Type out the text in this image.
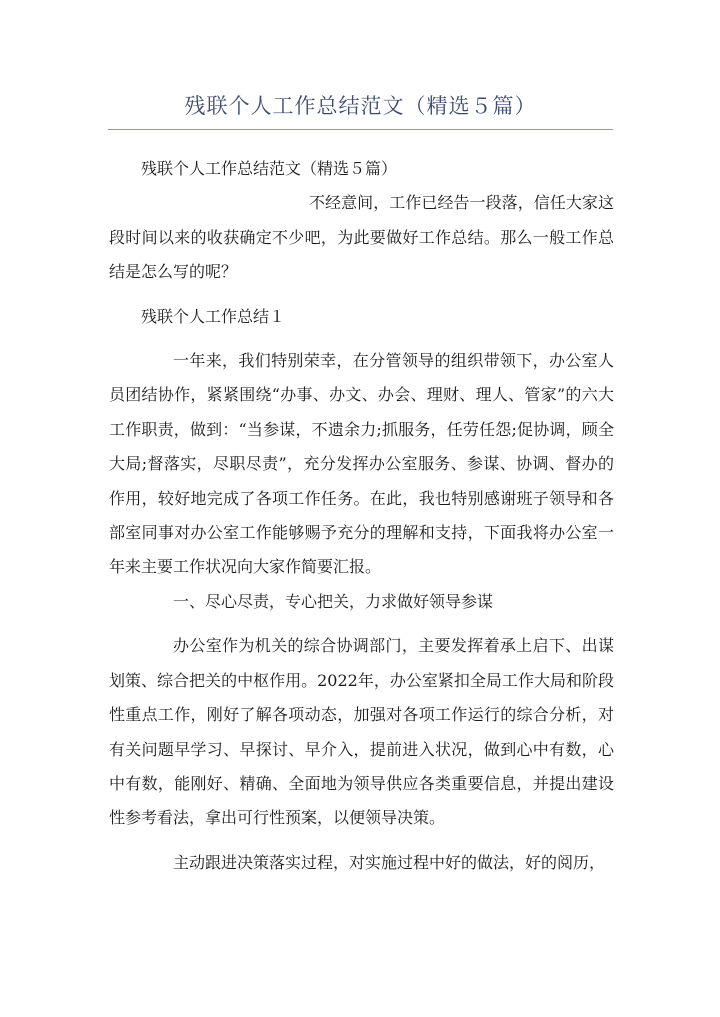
残联个人工作总结范文（精选５篇）

残联个人工作总结范文（精选５篇）

不经意间，工作已经告一段落，信任大家这段时间以来的收获确定不少吧，为此要做好工作总结。那么一般工作总结是怎么写的呢？

残联个人工作总结１

一年来，我们特别荣幸，在分管领导的组织带领下，办公室人员团结协作，紧紧围绕“办事、办文、办会、理财、理人、管家”的六大工作职责，做到：“当参谋，不遗余力;抓服务，任劳任怨;促协调，顾全大局;督落实，尽职尽责”，充分发挥办公室服务、参谋、协调、督办的作用，较好地完成了各项工作任务。在此，我也特别感谢班子领导和各部室同事对办公室工作能够赐予充分的理解和支持，下面我将办公室一年来主要工作状况向大家作简要汇报。

一、尽心尽责，专心把关，力求做好领导参谋

办公室作为机关的综合协调部门，主要发挥着承上启下、出谋划策、综合把关的中枢作用。2022年，办公室紧扣全局工作大局和阶段性重点工作，刚好了解各项动态，加强对各项工作运行的综合分析，对有关问题早学习、早探讨、早介入，提前进入状况，做到心中有数，心中有数，能刚好、精确、全面地为领导供应各类重要信息，并提出建设性参考看法，拿出可行性预案，以便领导决策。

主动跟进决策落实过程，对实施过程中好的做法，好的阅历，
